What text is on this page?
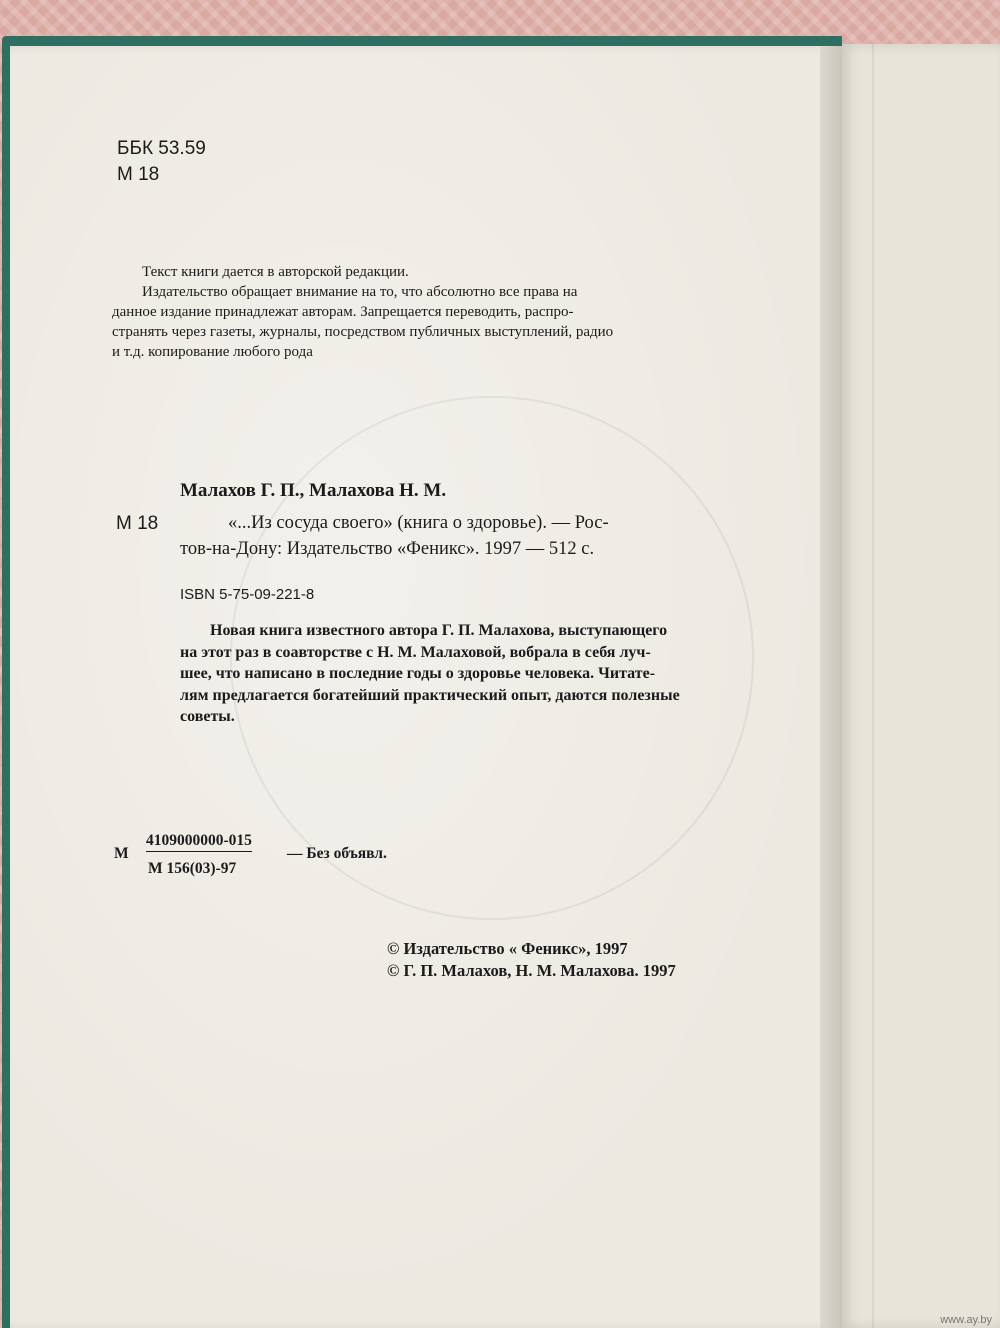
ББК 53.59
М 18

Текст книги дается в авторской редакции.

Издательство обращает внимание на то, что абсолютно все права на

данное издание принадлежат авторам. Запрещается переводить, распро-

странять через газеты, журналы, посредством публичных выступлений, радио

и т.д. копирование любого рода

Малахов Г. П., Малахова Н. М.
М 18	«...Из сосуда своего» (книга о здоровье). — Рос-
тов-на-Дону: Издательство «Феникс». 1997 — 512 с.
ISBN 5-75-09-221-8

Новая книга известного автора Г. П. Малахова, выступающего

на этот раз в соавторстве с Н. М. Малаховой, вобрала в себя луч-

шее, что написано в последние годы о здоровье человека. Читате-

лям предлагается богатейший практический опыт, даются полезные

советы.

М
4109000000-015
М 156(03)-97
— Без объявл.
© Издательство « Феникс», 1997
© Г. П. Малахов, Н. М. Малахова. 1997
www.ay.by
